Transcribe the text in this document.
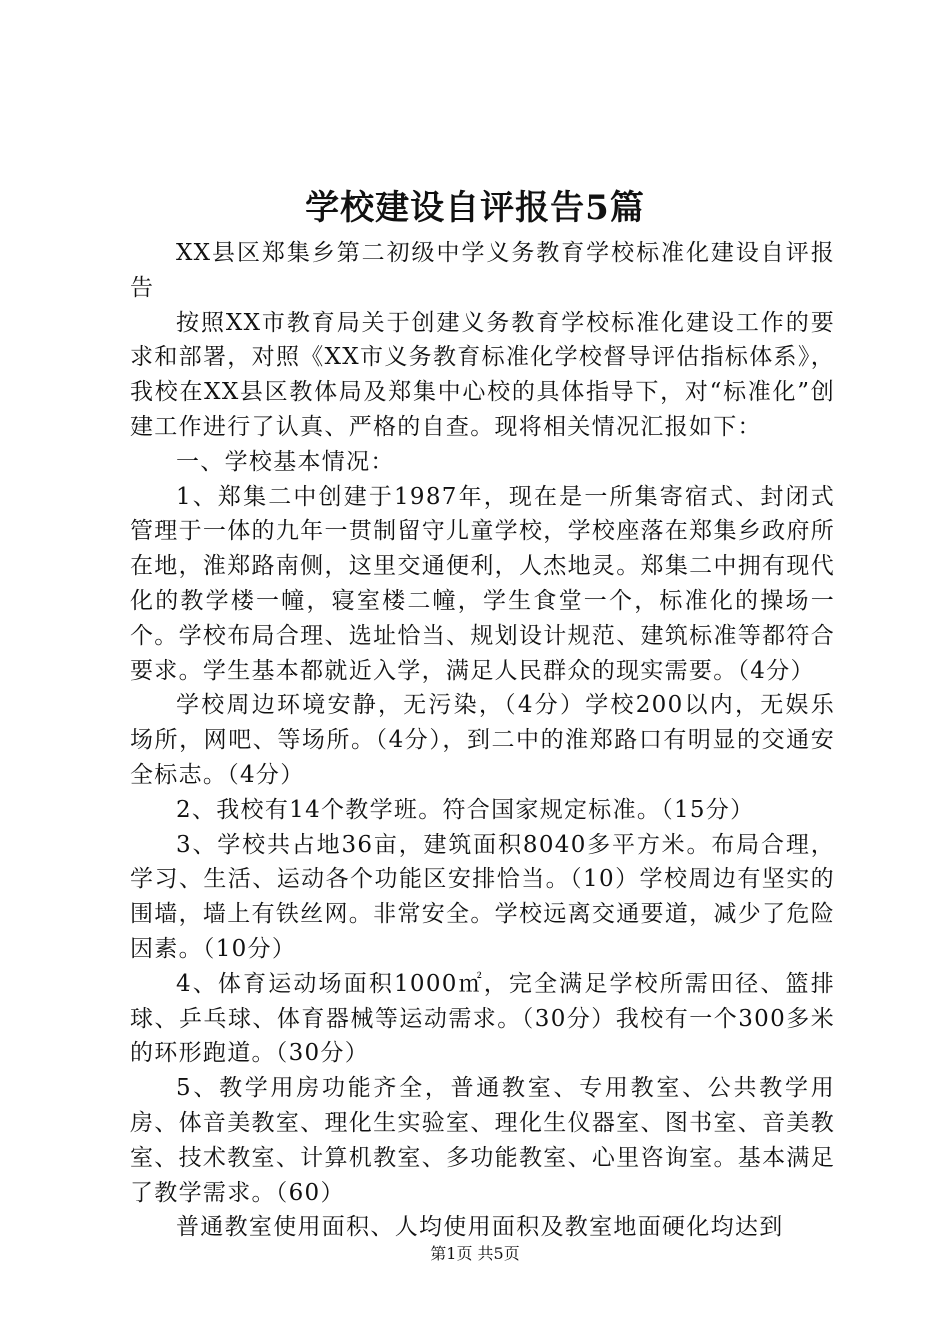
学校建设自评报告5篇

XX县区郑集乡第二初级中学义务教育学校标准化建设自评报告

按照XX市教育局关于创建义务教育学校标准化建设工作的要求和部署，对照《XX市义务教育标准化学校督导评估指标体系》，我校在XX县区教体局及郑集中心校的具体指导下，对“标准化”创建工作进行了认真、严格的自查。现将相关情况汇报如下：

一、学校基本情况：

1、郑集二中创建于1987年，现在是一所集寄宿式、封闭式管理于一体的九年一贯制留守儿童学校，学校座落在郑集乡政府所在地，淮郑路南侧，这里交通便利，人杰地灵。郑集二中拥有现代化的教学楼一幢，寝室楼二幢，学生食堂一个，标准化的操场一个。学校布局合理、选址恰当、规划设计规范、建筑标准等都符合要求。学生基本都就近入学，满足人民群众的现实需要。（4分）

学校周边环境安静，无污染，（4分）学校200以内，无娱乐场所，网吧、等场所。（4分），到二中的淮郑路口有明显的交通安全标志。（4分）

2、我校有14个教学班。符合国家规定标准。（15分）

3、学校共占地36亩，建筑面积8040多平方米。布局合理，学习、生活、运动各个功能区安排恰当。（10）学校周边有坚实的围墙，墙上有铁丝网。非常安全。学校远离交通要道，减少了危险因素。（10分）

4、体育运动场面积1000㎡，完全满足学校所需田径、篮排球、乒乓球、体育器械等运动需求。（30分）我校有一个300多米的环形跑道。（30分）

5、教学用房功能齐全，普通教室、专用教室、公共教学用房、体音美教室、理化生实验室、理化生仪器室、图书室、音美教室、技术教室、计算机教室、多功能教室、心里咨询室。基本满足了教学需求。（60）

普通教室使用面积、人均使用面积及教室地面硬化均达到

第1页 共5页
